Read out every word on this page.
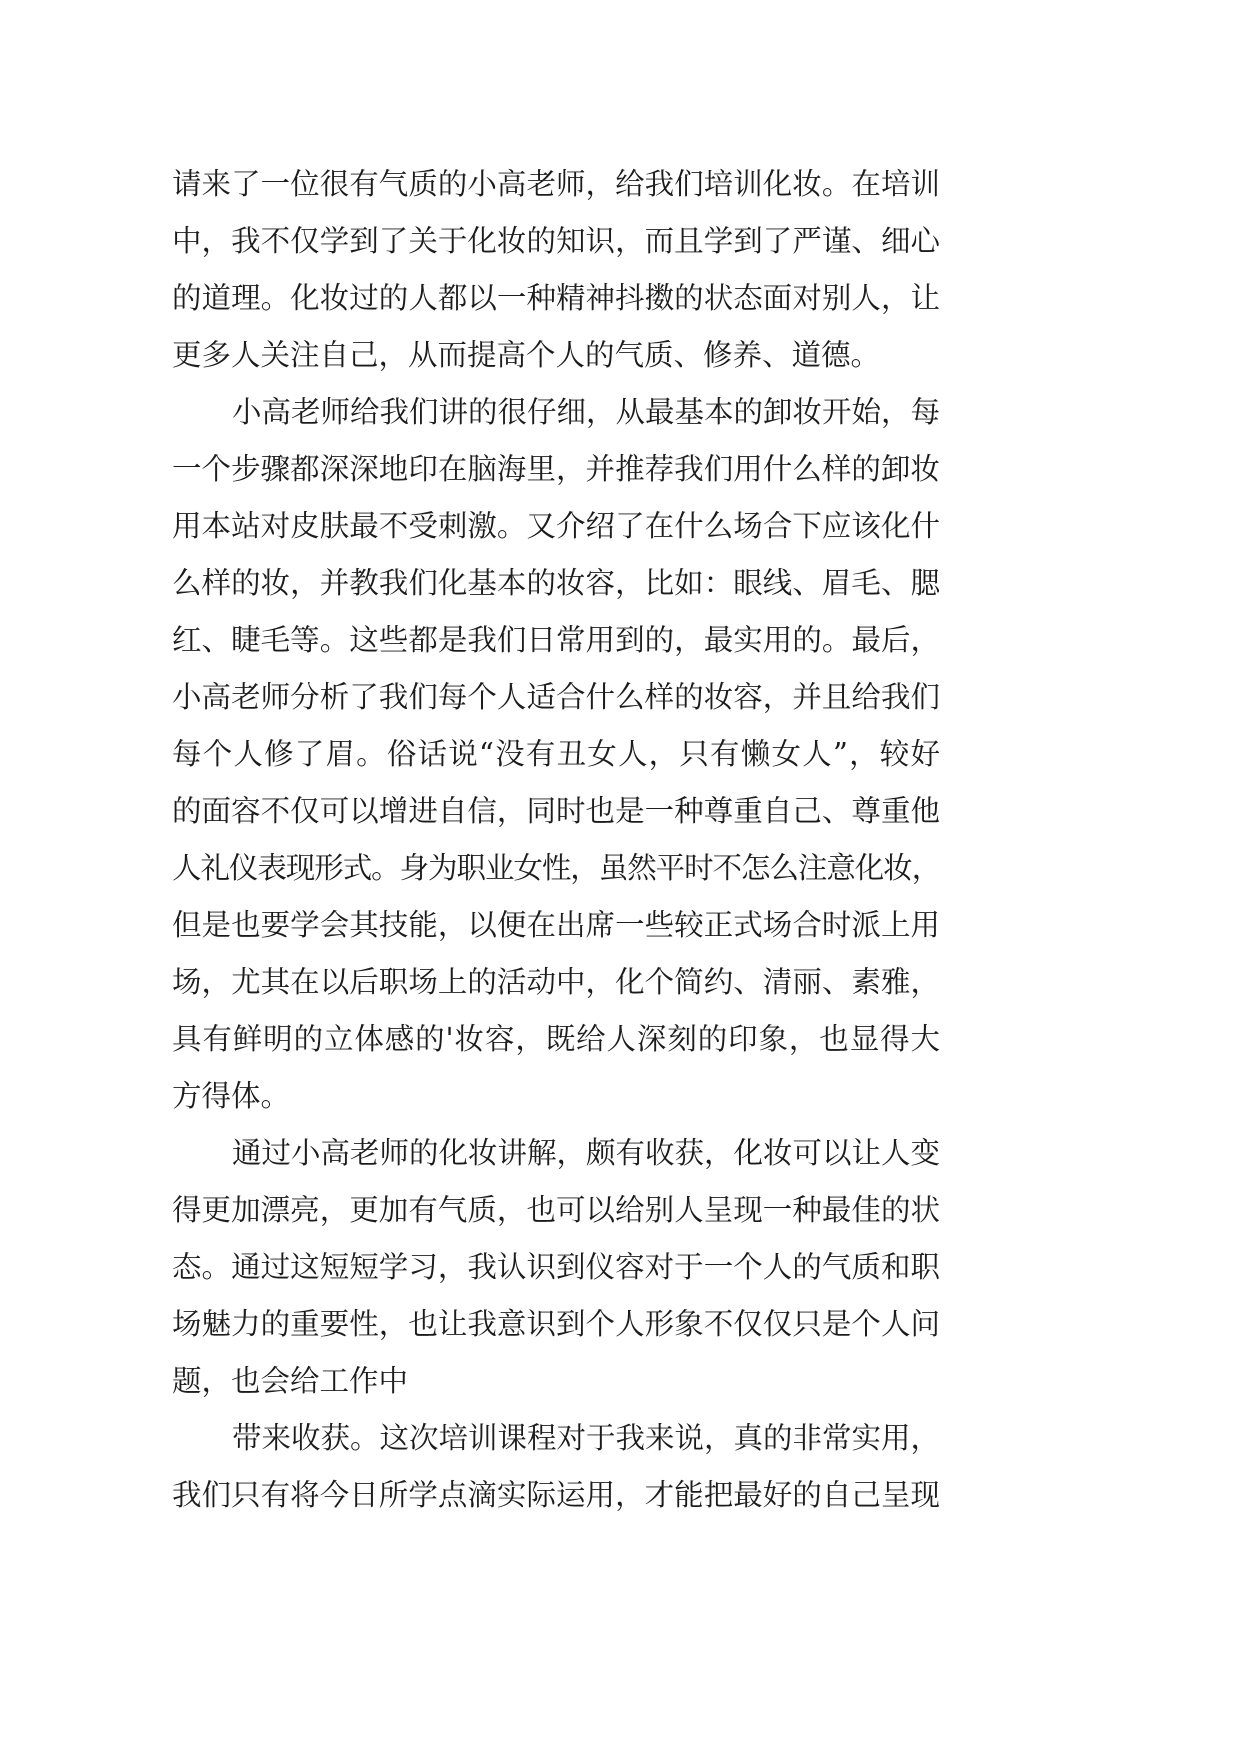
请来了一位很有气质的小高老师，给我们培训化妆。在培训
中，我不仅学到了关于化妆的知识，而且学到了严谨、细心
的道理。化妆过的人都以一种精神抖擞的状态面对别人，让
更多人关注自己，从而提高个人的气质、修养、道德。
小高老师给我们讲的很仔细，从最基本的卸妆开始，每
一个步骤都深深地印在脑海里，并推荐我们用什么样的卸妆
用本站对皮肤最不受刺激。又介绍了在什么场合下应该化什
么样的妆，并教我们化基本的妆容，比如：眼线、眉毛、腮
红、睫毛等。这些都是我们日常用到的，最实用的。最后，
小高老师分析了我们每个人适合什么样的妆容，并且给我们
每个人修了眉。俗话说“没有丑女人，只有懒女人”，较好
的面容不仅可以增进自信，同时也是一种尊重自己、尊重他
人礼仪表现形式。身为职业女性，虽然平时不怎么注意化妆，
但是也要学会其技能，以便在出席一些较正式场合时派上用
场，尤其在以后职场上的活动中，化个简约、清丽、素雅，
具有鲜明的立体感的'妆容，既给人深刻的印象，也显得大
方得体。
通过小高老师的化妆讲解，颇有收获，化妆可以让人变
得更加漂亮，更加有气质，也可以给别人呈现一种最佳的状
态。通过这短短学习，我认识到仪容对于一个人的气质和职
场魅力的重要性，也让我意识到个人形象不仅仅只是个人问
题，也会给工作中
带来收获。这次培训课程对于我来说，真的非常实用，
我们只有将今日所学点滴实际运用，才能把最好的自己呈现
